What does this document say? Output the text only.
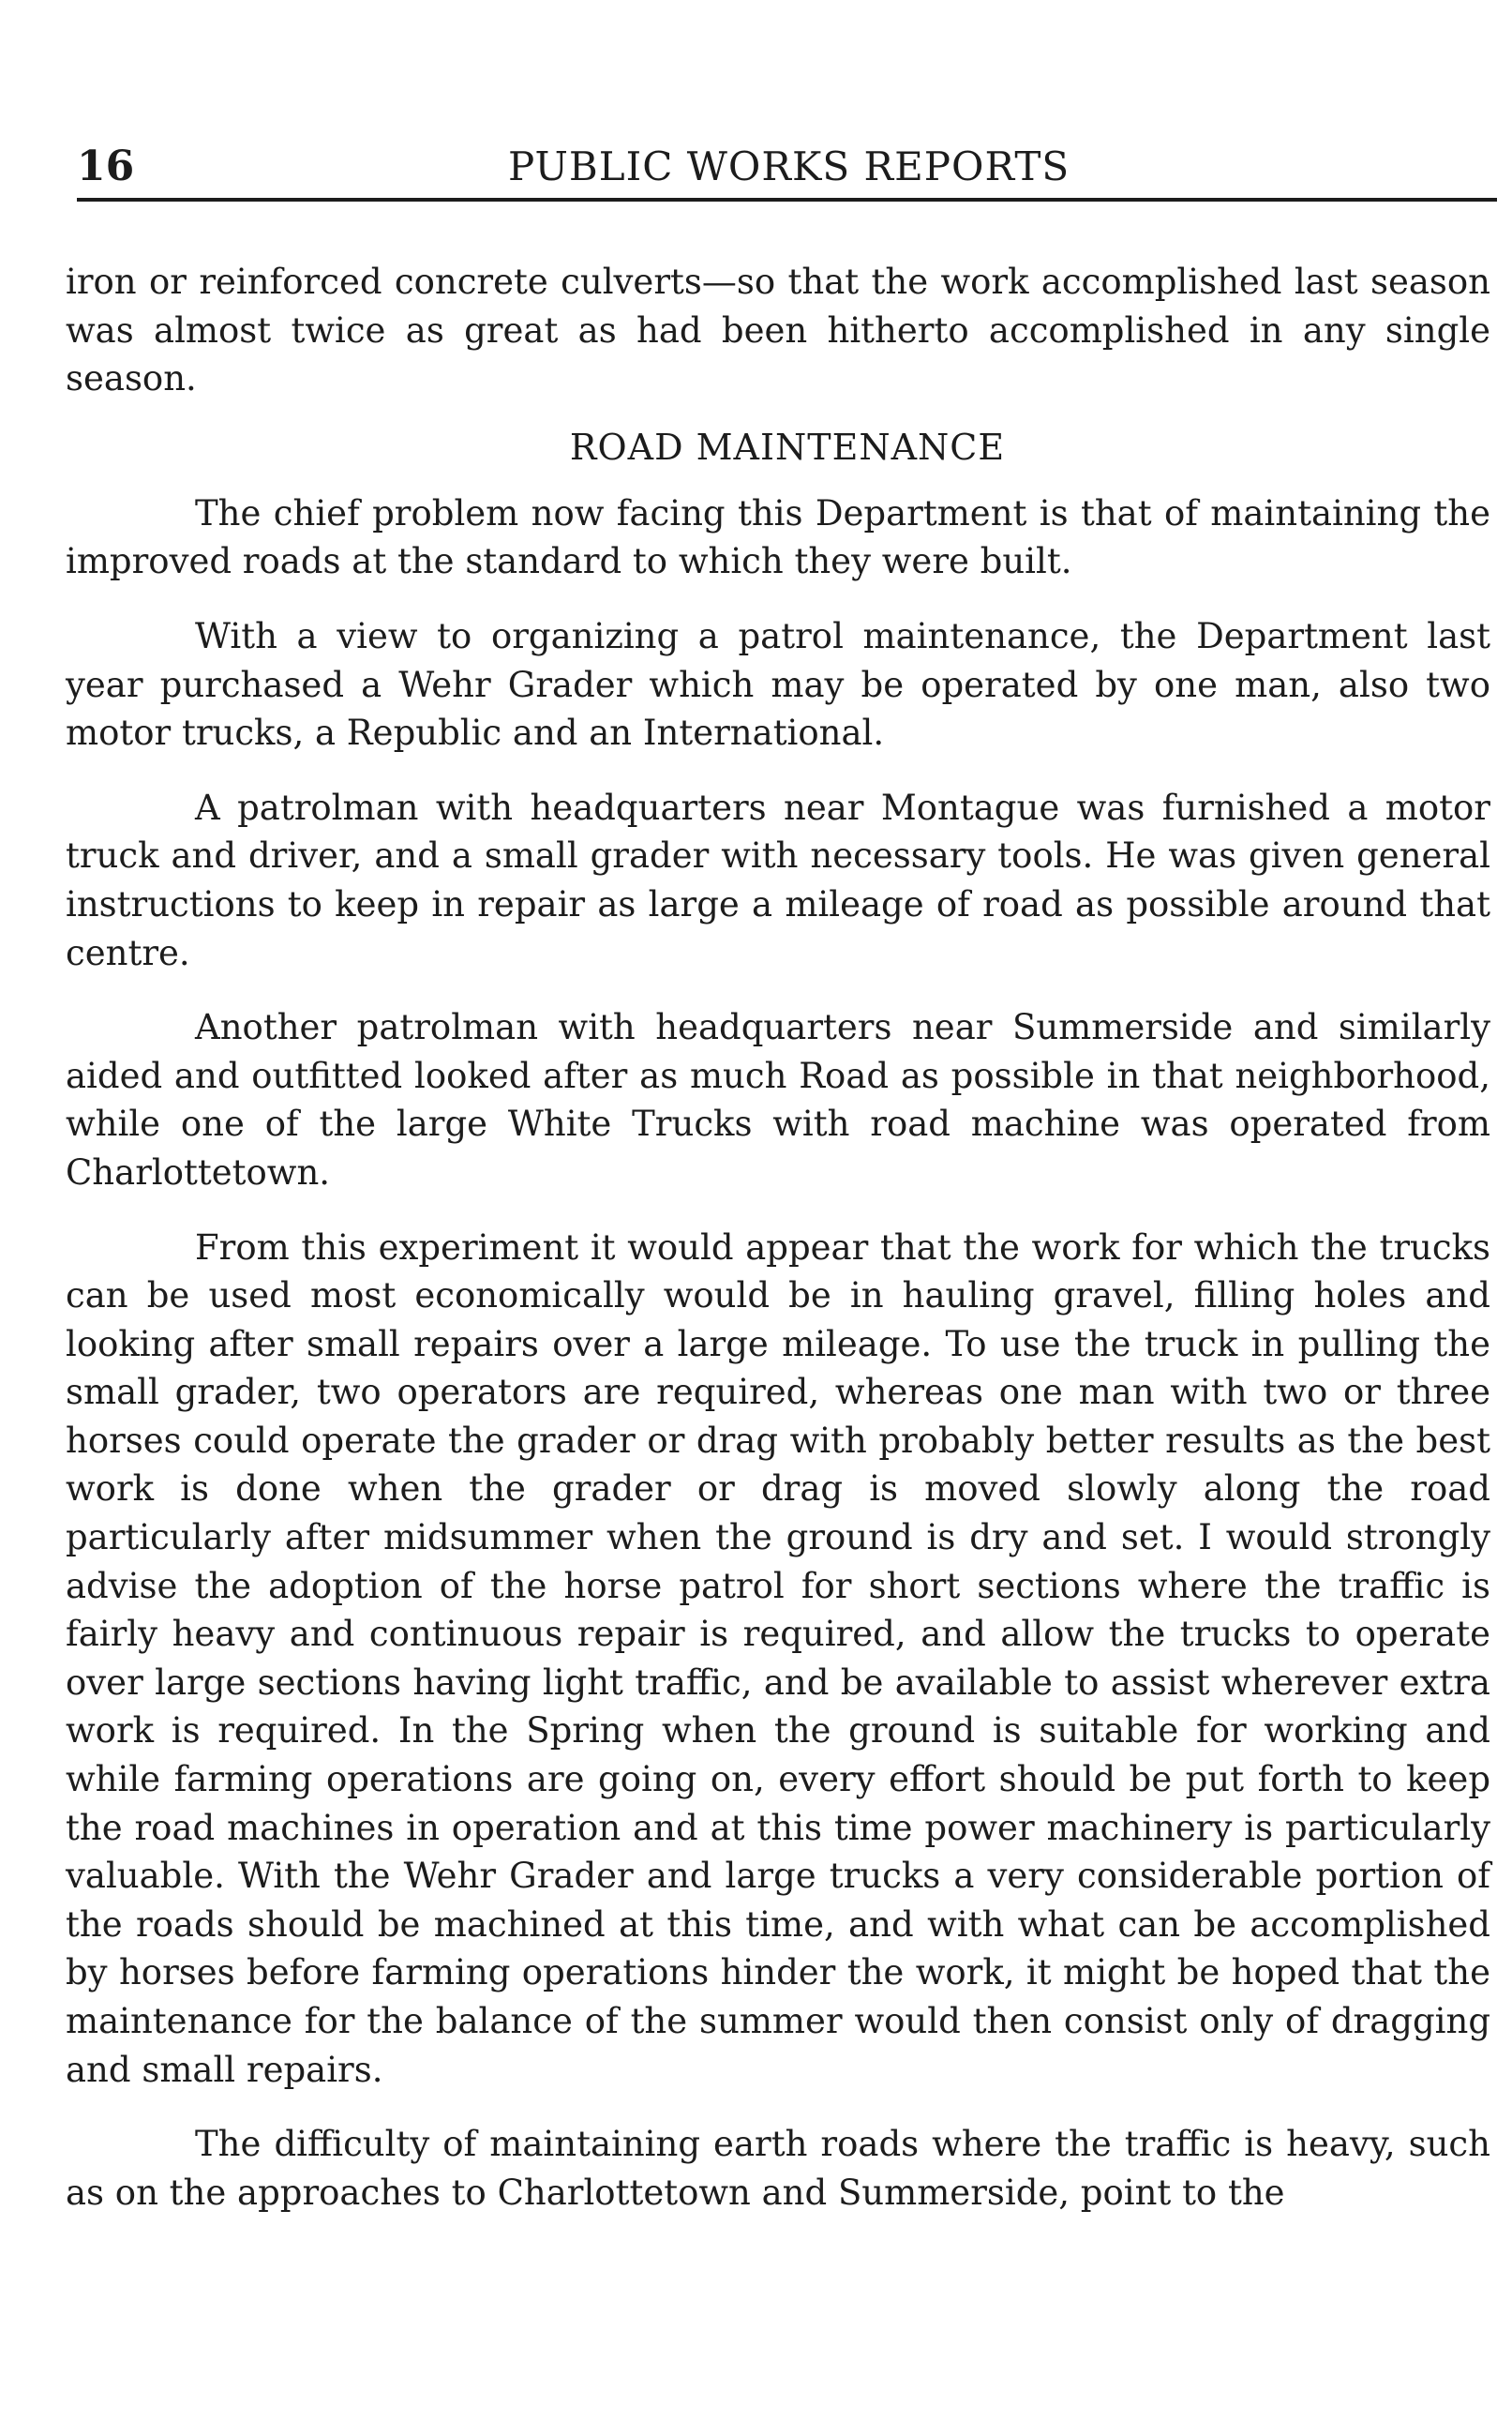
16	PUBLIC WORKS REPORTS

iron or reinforced concrete culverts—so that the work accomplished last season was almost twice as great as had been hitherto accomplished in any single season.

ROAD MAINTENANCE

The chief problem now facing this Department is that of maintaining the improved roads at the standard to which they were built.

With a view to organizing a patrol maintenance, the Department last year purchased a Wehr Grader which may be operated by one man, also two motor trucks, a Republic and an International.

A patrolman with headquarters near Montague was furnished a motor truck and driver, and a small grader with necessary tools. He was given general instructions to keep in repair as large a mileage of road as possible around that centre.

Another patrolman with headquarters near Summerside and similarly aided and outfitted looked after as much Road as possible in that neighborhood, while one of the large White Trucks with road machine was operated from Charlottetown.

From this experiment it would appear that the work for which the trucks can be used most economically would be in hauling gravel, filling holes and looking after small repairs over a large mileage. To use the truck in pulling the small grader, two operators are required, whereas one man with two or three horses could operate the grader or drag with probably better results as the best work is done when the grader or drag is moved slowly along the road particularly after midsummer when the ground is dry and set. I would strongly advise the adoption of the horse patrol for short sections where the traffic is fairly heavy and continuous repair is required, and allow the trucks to operate over large sections having light traffic, and be available to assist wherever extra work is required. In the Spring when the ground is suitable for working and while farming operations are going on, every effort should be put forth to keep the road machines in operation and at this time power machinery is particularly valuable. With the Wehr Grader and large trucks a very considerable portion of the roads should be machined at this time, and with what can be accomplished by horses before farming operations hinder the work, it might be hoped that the maintenance for the balance of the summer would then consist only of dragging and small repairs.

The difficulty of maintaining earth roads where the traffic is heavy, such as on the approaches to Charlottetown and Summerside, point to the
